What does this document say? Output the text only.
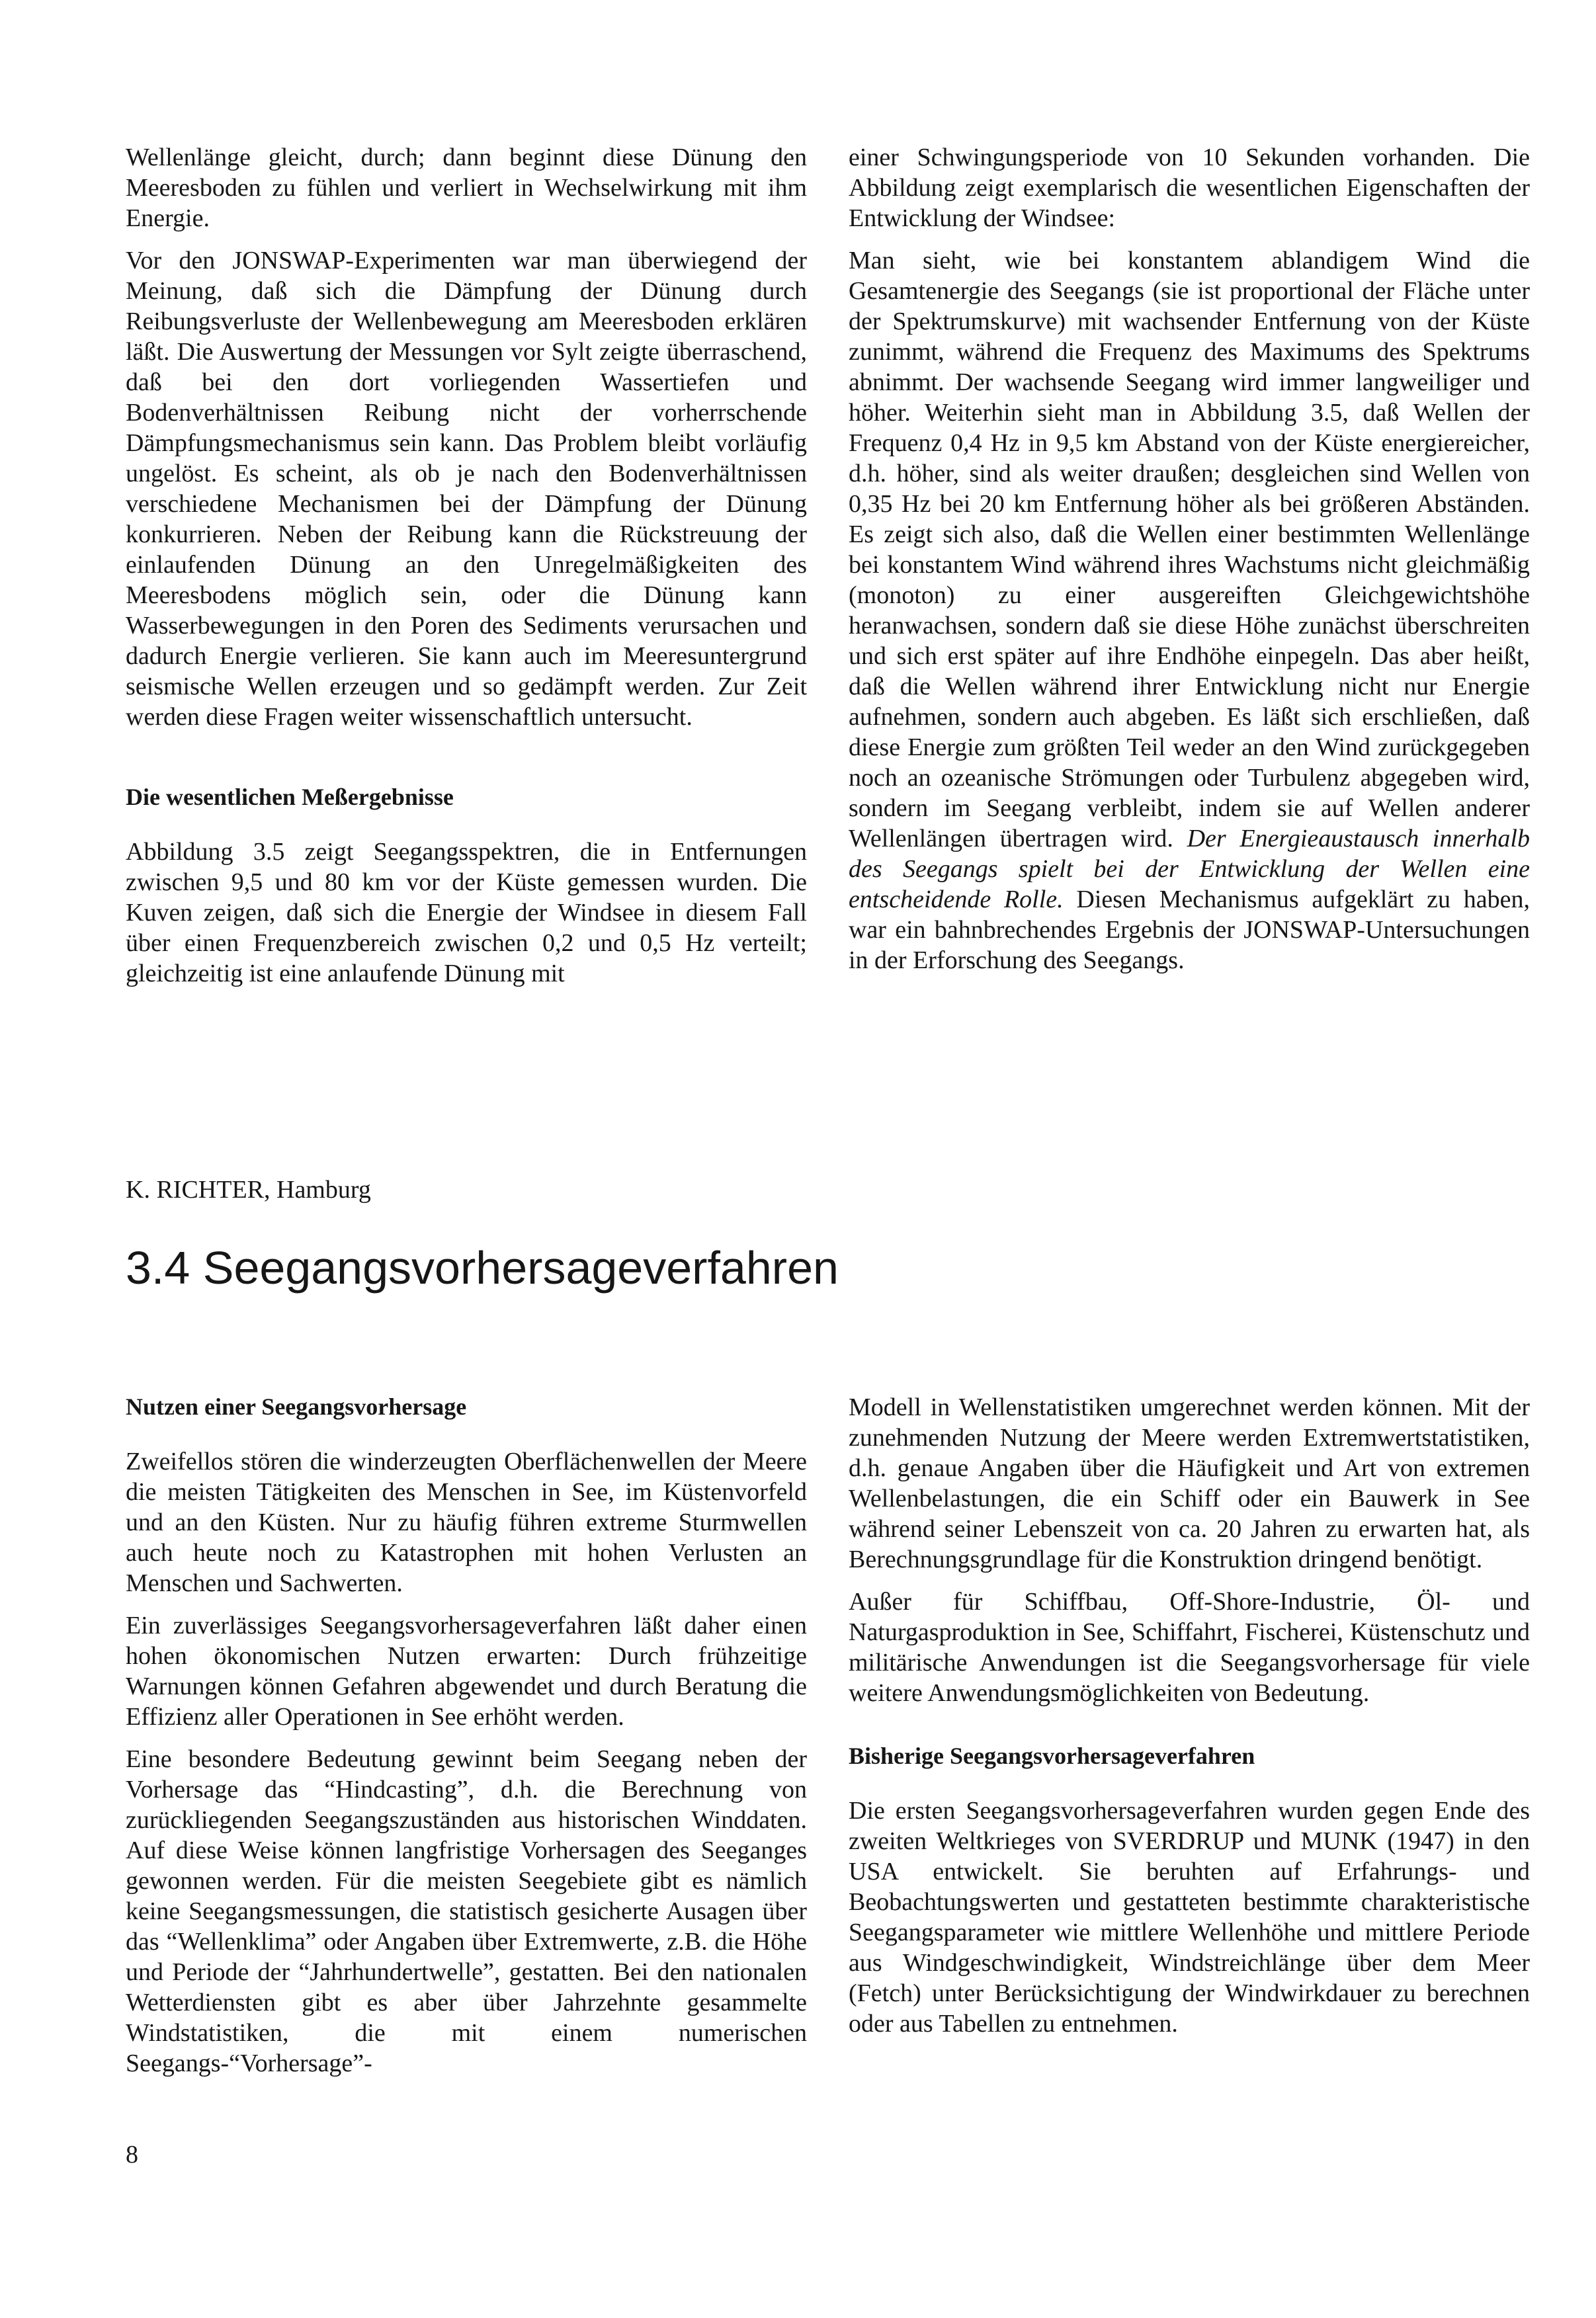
Wellenlänge gleicht, durch; dann beginnt diese Dünung den Meeresboden zu fühlen und verliert in Wechselwirkung mit ihm Energie.

Vor den JONSWAP-Experimenten war man überwiegend der Meinung, daß sich die Dämpfung der Dünung durch Reibungsverluste der Wellenbewegung am Meeresboden erklären läßt. Die Auswertung der Messungen vor Sylt zeigte überraschend, daß bei den dort vorliegenden Wassertiefen und Bodenverhältnissen Reibung nicht der vorherrschende Dämpfungsmechanismus sein kann. Das Problem bleibt vorläufig ungelöst. Es scheint, als ob je nach den Bodenverhältnissen verschiedene Mechanismen bei der Dämpfung der Dünung konkurrieren. Neben der Reibung kann die Rückstreuung der einlaufenden Dünung an den Unregelmäßigkeiten des Meeresbodens möglich sein, oder die Dünung kann Wasserbewegungen in den Poren des Sediments verursachen und dadurch Energie verlieren. Sie kann auch im Meeresuntergrund seismische Wellen erzeugen und so gedämpft werden. Zur Zeit werden diese Fragen weiter wissenschaftlich untersucht.

Die wesentlichen Meßergebnisse

Abbildung 3.5 zeigt Seegangsspektren, die in Entfernungen zwischen 9,5 und 80 km vor der Küste gemessen wurden. Die Kuven zeigen, daß sich die Energie der Windsee in diesem Fall über einen Frequenzbereich zwischen 0,2 und 0,5 Hz verteilt; gleichzeitig ist eine anlaufende Dünung mit

einer Schwingungsperiode von 10 Sekunden vorhanden. Die Abbildung zeigt exemplarisch die wesentlichen Eigenschaften der Entwicklung der Windsee:

Man sieht, wie bei konstantem ablandigem Wind die Gesamtenergie des Seegangs (sie ist proportional der Fläche unter der Spektrumskurve) mit wachsender Entfernung von der Küste zunimmt, während die Frequenz des Maximums des Spektrums abnimmt. Der wachsende Seegang wird immer langweiliger und höher. Weiterhin sieht man in Abbildung 3.5, daß Wellen der Frequenz 0,4 Hz in 9,5 km Abstand von der Küste energiereicher, d.h. höher, sind als weiter draußen; desgleichen sind Wellen von 0,35 Hz bei 20 km Entfernung höher als bei größeren Abständen. Es zeigt sich also, daß die Wellen einer bestimmten Wellenlänge bei konstantem Wind während ihres Wachstums nicht gleichmäßig (monoton) zu einer ausgereiften Gleichgewichtshöhe heranwachsen, sondern daß sie diese Höhe zunächst überschreiten und sich erst später auf ihre Endhöhe einpegeln. Das aber heißt, daß die Wellen während ihrer Entwicklung nicht nur Energie aufnehmen, sondern auch abgeben. Es läßt sich erschließen, daß diese Energie zum größten Teil weder an den Wind zurückgegeben noch an ozeanische Strömungen oder Turbulenz abgegeben wird, sondern im Seegang verbleibt, indem sie auf Wellen anderer Wellenlängen übertragen wird. Der Energieaustausch innerhalb des Seegangs spielt bei der Entwicklung der Wellen eine entscheidende Rolle. Diesen Mechanismus aufgeklärt zu haben, war ein bahnbrechendes Ergebnis der JONSWAP-Untersuchungen in der Erforschung des Seegangs.

K. RICHTER, Hamburg
3.4 Seegangsvorhersageverfahren
Nutzen einer Seegangsvorhersage

Zweifellos stören die winderzeugten Oberflächenwellen der Meere die meisten Tätigkeiten des Menschen in See, im Küstenvorfeld und an den Küsten. Nur zu häufig führen extreme Sturmwellen auch heute noch zu Katastrophen mit hohen Verlusten an Menschen und Sachwerten.

Ein zuverlässiges Seegangsvorhersageverfahren läßt daher einen hohen ökonomischen Nutzen erwarten: Durch frühzeitige Warnungen können Gefahren abgewendet und durch Beratung die Effizienz aller Operationen in See erhöht werden.

Eine besondere Bedeutung gewinnt beim Seegang neben der Vorhersage das “Hindcasting”, d.h. die Berechnung von zurückliegenden Seegangszuständen aus historischen Winddaten. Auf diese Weise können langfristige Vorhersagen des Seeganges gewonnen werden. Für die meisten Seegebiete gibt es nämlich keine Seegangsmessungen, die statistisch gesicherte Ausagen über das “Wellenklima” oder Angaben über Extremwerte, z.B. die Höhe und Periode der “Jahrhundertwelle”, gestatten. Bei den nationalen Wetterdiensten gibt es aber über Jahrzehnte gesammelte Windstatistiken, die mit einem numerischen Seegangs-“Vorhersage”-

Modell in Wellenstatistiken umgerechnet werden können. Mit der zunehmenden Nutzung der Meere werden Extremwertstatistiken, d.h. genaue Angaben über die Häufigkeit und Art von extremen Wellenbelastungen, die ein Schiff oder ein Bauwerk in See während seiner Lebenszeit von ca. 20 Jahren zu erwarten hat, als Berechnungsgrundlage für die Konstruktion dringend benötigt.

Außer für Schiffbau, Off-Shore-Industrie, Öl- und Naturgasproduktion in See, Schiffahrt, Fischerei, Küstenschutz und militärische Anwendungen ist die Seegangsvorhersage für viele weitere Anwendungsmöglichkeiten von Bedeutung.

Bisherige Seegangsvorhersageverfahren

Die ersten Seegangsvorhersageverfahren wurden gegen Ende des zweiten Weltkrieges von SVERDRUP und MUNK (1947) in den USA entwickelt. Sie beruhten auf Erfahrungs- und Beobachtungswerten und gestatteten bestimmte charakteristische Seegangsparameter wie mittlere Wellenhöhe und mittlere Periode aus Windgeschwindigkeit, Windstreichlänge über dem Meer (Fetch) unter Berücksichtigung der Windwirkdauer zu berechnen oder aus Tabellen zu entnehmen.

8
